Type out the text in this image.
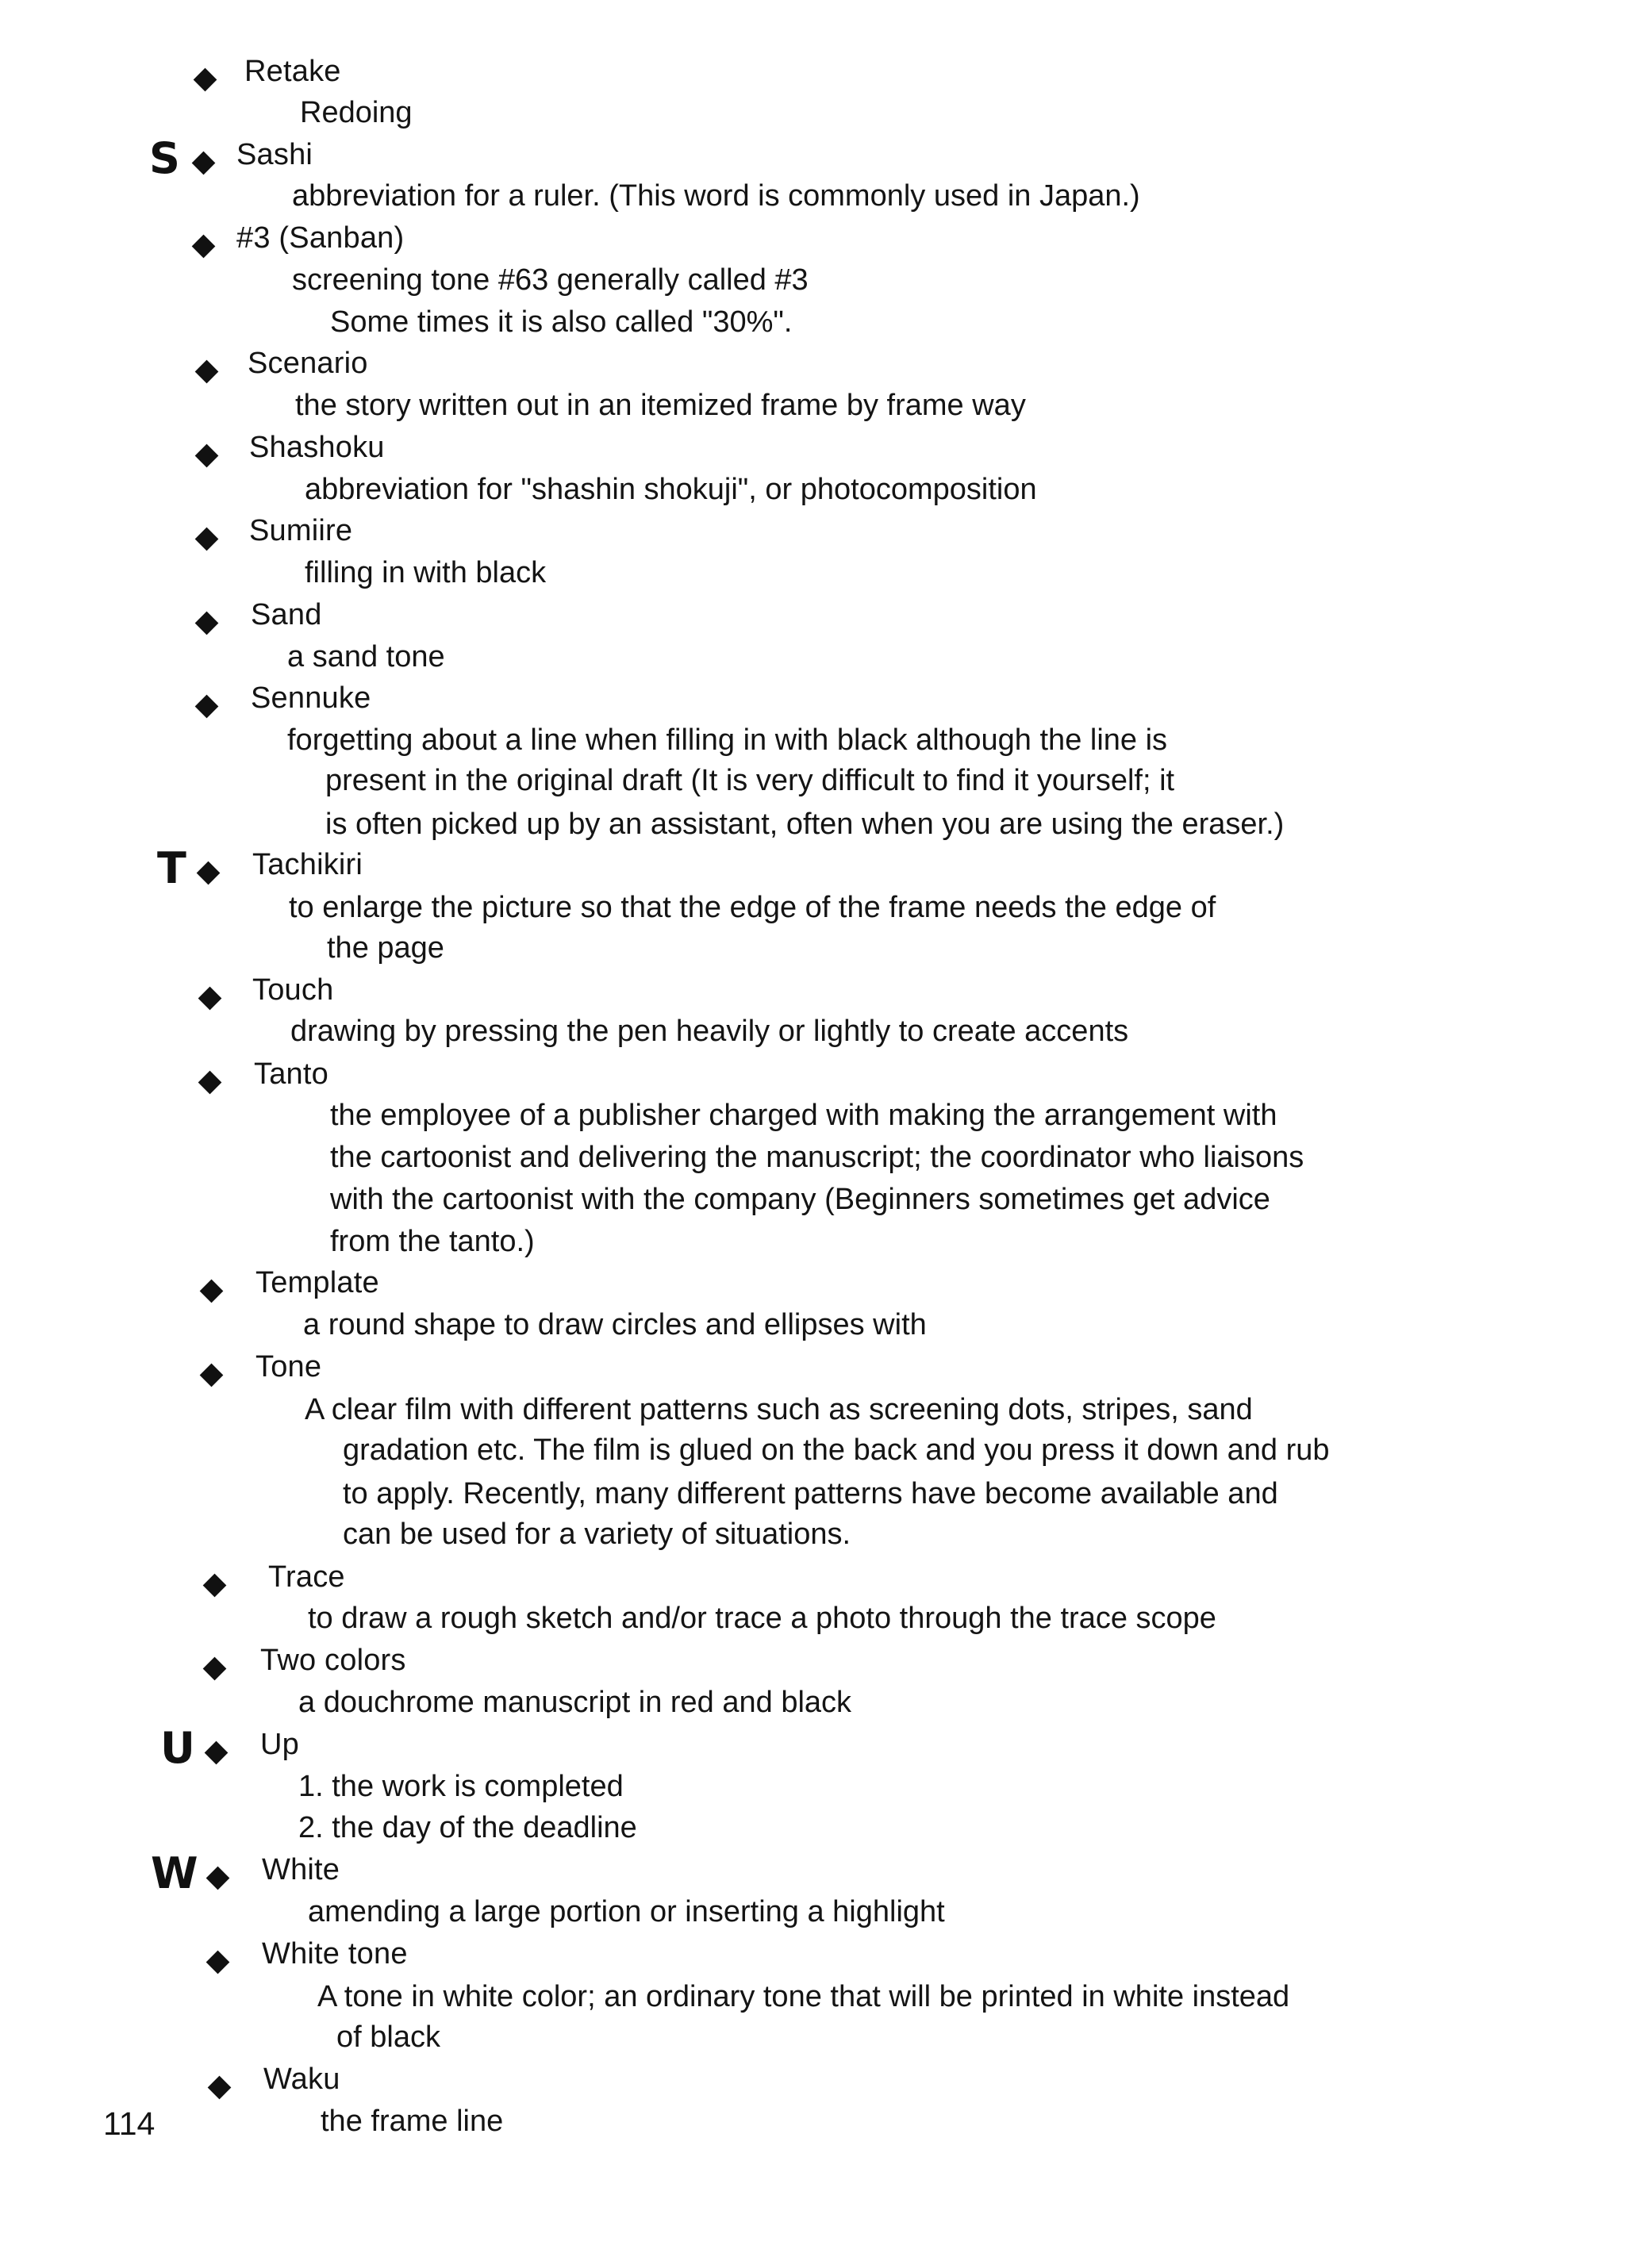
Retake
Redoing
S Sashi
abbreviation for a ruler. (This word is commonly used in Japan.)
#3 (Sanban)
screening tone #63 generally called #3
Some times it is also called "30%".
Scenario
the story written out in an itemized frame by frame way
Shashoku
abbreviation for "shashin shokuji", or photocomposition
Sumiire
filling in with black
Sand
a sand tone
Sennuke
forgetting about a line when filling in with black although the line is
present in the original draft (It is very difficult to find it yourself; it
is often picked up by an assistant, often when you are using the eraser.)
T Tachikiri
to enlarge the picture so that the edge of the frame needs the edge of
the page
Touch
drawing by pressing the pen heavily or lightly to create accents
Tanto
the employee of a publisher charged with making the arrangement with
the cartoonist and delivering the manuscript; the coordinator who liaisons
with the cartoonist with the company (Beginners sometimes get advice
from the tanto.)
Template
a round shape to draw circles and ellipses with
Tone
A clear film with different patterns such as screening dots, stripes, sand
gradation etc. The film is glued on the back and you press it down and rub
to apply. Recently, many different patterns have become available and
can be used for a variety of situations.
Trace
to draw a rough sketch and/or trace a photo through the trace scope
Two colors
a douchrome manuscript in red and black
U Up
1. the work is completed
2. the day of the deadline
W White
amending a large portion or inserting a highlight
White tone
A tone in white color; an ordinary tone that will be printed in white instead
of black
Waku
the frame line
114
